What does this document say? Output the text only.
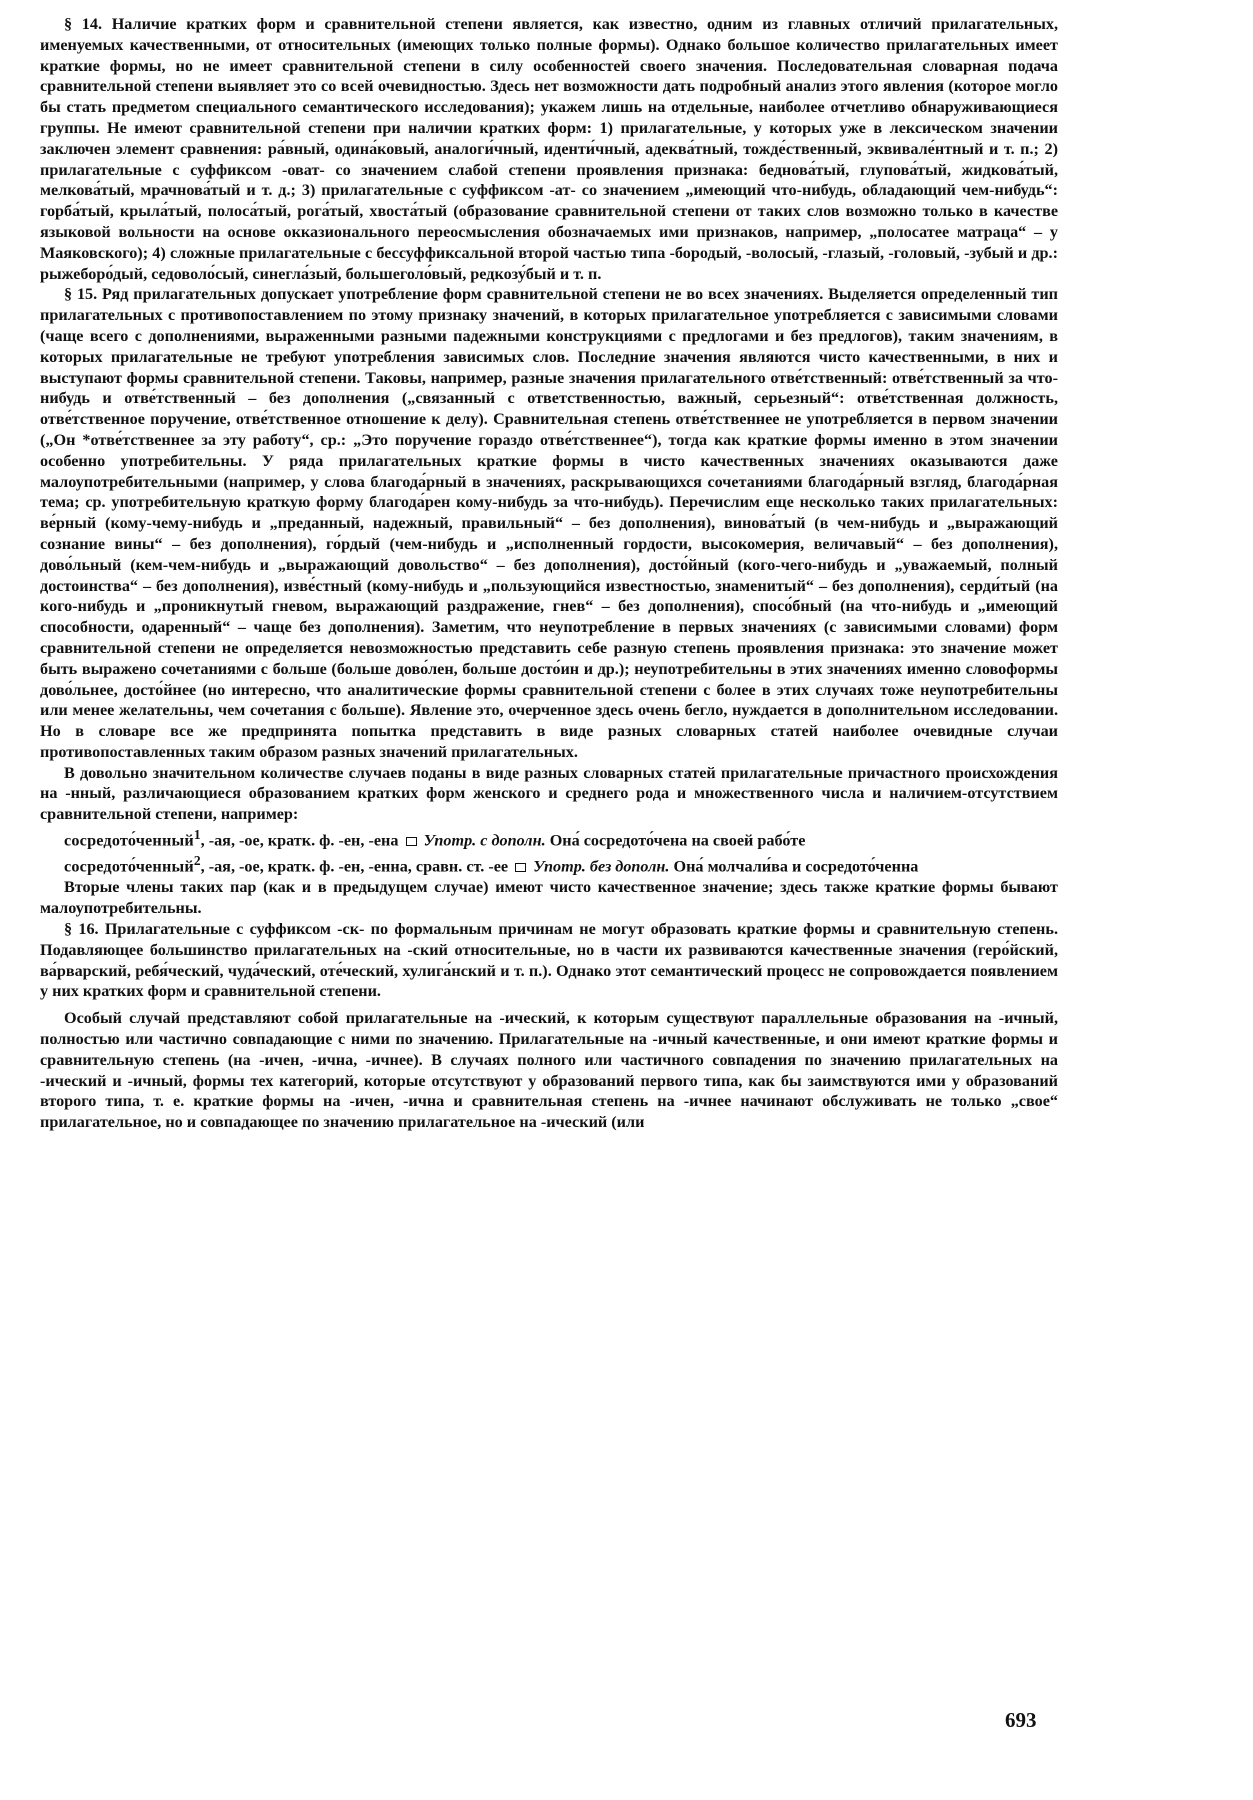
§ 14. Наличие кратких форм и сравнительной степени является, как известно, одним из главных отличий прилагательных, именуемых качественными, от относительных (имеющих только полные формы). Однако большое количество прилагательных имеет краткие формы, но не имеет сравнительной степени в силу особенностей своего значения. Последовательная словарная подача сравнительной степени выявляет это со всей очевидностью. Здесь нет возможности дать подробный анализ этого явления (которое могло бы стать предметом специального семантического исследования); укажем лишь на отдельные, наиболее отчетливо обнаруживающиеся группы. Не имеют сравнительной степени при наличии кратких форм: 1) прилагательные, у которых уже в лексическом значении заключен элемент сравнения: ра́вный, одина́ковый, аналоги́чный, иденти́чный, адеква́тный, тожде́ственный, эквивале́нтный и т. п.; 2) прилагательные с суффиксом -оват- со значением слабой степени проявления признака: беднова́тый, глупова́тый, жидкова́тый, мелкова́тый, мрачнова́тый и т. д.; 3) прилагательные с суффиксом -ат- со значением „имеющий что-нибудь, обладающий чем-нибудь“: горба́тый, крыла́тый, полоса́тый, рога́тый, хвоста́тый (образование сравнительной степени от таких слов возможно только в качестве языковой вольности на основе окказионального переосмысления обозначаемых ими признаков, например, „полосатее матраца“ – у Маяковского); 4) сложные прилагательные с бессуффиксальной второй частью типа -бородый, -волосый, -глазый, -головый, -зубый и др.: рыжеборо́дый, седоволо́сый, синегла́зый, большеголо́вый, редкозу́бый и т. п.

§ 15. Ряд прилагательных допускает употребление форм сравнительной степени не во всех значениях. Выделяется определенный тип прилагательных с противопоставлением по этому признаку значений, в которых прилагательное употребляется с зависимыми словами (чаще всего с дополнениями, выраженными разными падежными конструкциями с предлогами и без предлогов), таким значениям, в которых прилагательные не требуют употребления зависимых слов. Последние значения являются чисто качественными, в них и выступают формы сравнительной степени. Таковы, например, разные значения прилагательного отве́тственный: отве́тственный за что-нибудь и отве́тственный – без дополнения („связанный с ответственностью, важный, серьезный“: отве́тственная должность, отве́тственное поручение, отве́тственное отношение к делу). Сравнительная степень отве́тственнее не употребляется в первом значении („Он *отве́тственнее за эту работу“, ср.: „Это поручение гораздо отве́тственнее“), тогда как краткие формы именно в этом значении особенно употребительны. У ряда прилагательных краткие формы в чисто качественных значениях оказываются даже малоупотребительными (например, у слова благода́рный в значениях, раскрывающихся сочетаниями благода́рный взгляд, благода́рная тема; ср. употребительную краткую форму благода́рен кому-нибудь за что-нибудь). Перечислим еще несколько таких прилагательных: ве́рный (кому-чему-нибудь и „преданный, надежный, правильный“ – без дополнения), винова́тый (в чем-нибудь и „выражающий сознание вины“ – без дополнения), го́рдый (чем-нибудь и „исполненный гордости, высокомерия, величавый“ – без дополнения), дово́льный (кем-чем-нибудь и „выражающий довольство“ – без дополнения), досто́йный (кого-чего-нибудь и „уважаемый, полный достоинства“ – без дополнения), изве́стный (кому-нибудь и „пользующийся известностью, знаменитый“ – без дополнения), серди́тый (на кого-нибудь и „проникнутый гневом, выражающий раздражение, гнев“ – без дополнения), спосо́бный (на что-нибудь и „имеющий способности, одаренный“ – чаще без дополнения). Заметим, что неупотребление в первых значениях (с зависимыми словами) форм сравнительной степени не определяется невозможностью представить себе разную степень проявления признака: это значение может быть выражено сочетаниями с больше (больше дово́лен, больше досто́ин и др.); неупотребительны в этих значениях именно словоформы дово́льнее, досто́йнее (но интересно, что аналитические формы сравнительной степени с более в этих случаях тоже неупотребительны или менее желательны, чем сочетания с больше). Явление это, очерченное здесь очень бегло, нуждается в дополнительном исследовании. Но в словаре все же предпринята попытка представить в виде разных словарных статей наиболее очевидные случаи противопоставленных таким образом разных значений прилагательных.

В довольно значительном количестве случаев поданы в виде разных словарных статей прилагательные причастного происхождения на -нный, различающиеся образованием кратких форм женского и среднего рода и множественного числа и наличием-отсутствием сравнительной степени, например:

сосредото́ченный$^1$, -ая, -ое, кратк. ф. -ен, -ена Употр. с дополн. Она́ сосредото́чена на своей рабо́те

сосредото́ченный$^2$, -ая, -ое, кратк. ф. -ен, -енна, сравн. ст. -ее Употр. без дополн. Она́ молчали́ва и сосредото́ченна

Вторые члены таких пар (как и в предыдущем случае) имеют чисто качественное значение; здесь также краткие формы бывают малоупотребительны.

§ 16. Прилагательные с суффиксом -ск- по формальным причинам не могут образовать краткие формы и сравнительную степень. Подавляющее большинство прилагательных на -ский относительные, но в части их развиваются качественные значения (геро́йский, ва́рварский, ребя́ческий, чуда́ческий, оте́ческий, хулига́нский и т. п.). Однако этот семантический процесс не сопровождается появлением у них кратких форм и сравнительной степени.

Особый случай представляют собой прилагательные на -ический, к которым существуют параллельные образования на -ичный, полностью или частично совпадающие с ними по значению. Прилагательные на -ичный качественные, и они имеют краткие формы и сравнительную степень (на -ичен, -ична, -ичнее). В случаях полного или частичного совпадения по значению прилагательных на -ический и -ичный, формы тех категорий, которые отсутствуют у образований первого типа, как бы заимствуются ими у образований второго типа, т. е. краткие формы на -ичен, -ична и сравнительная степень на -ичнее начинают обслуживать не только „свое“ прилагательное, но и совпадающее по значению прилагательное на -ический (или

693
